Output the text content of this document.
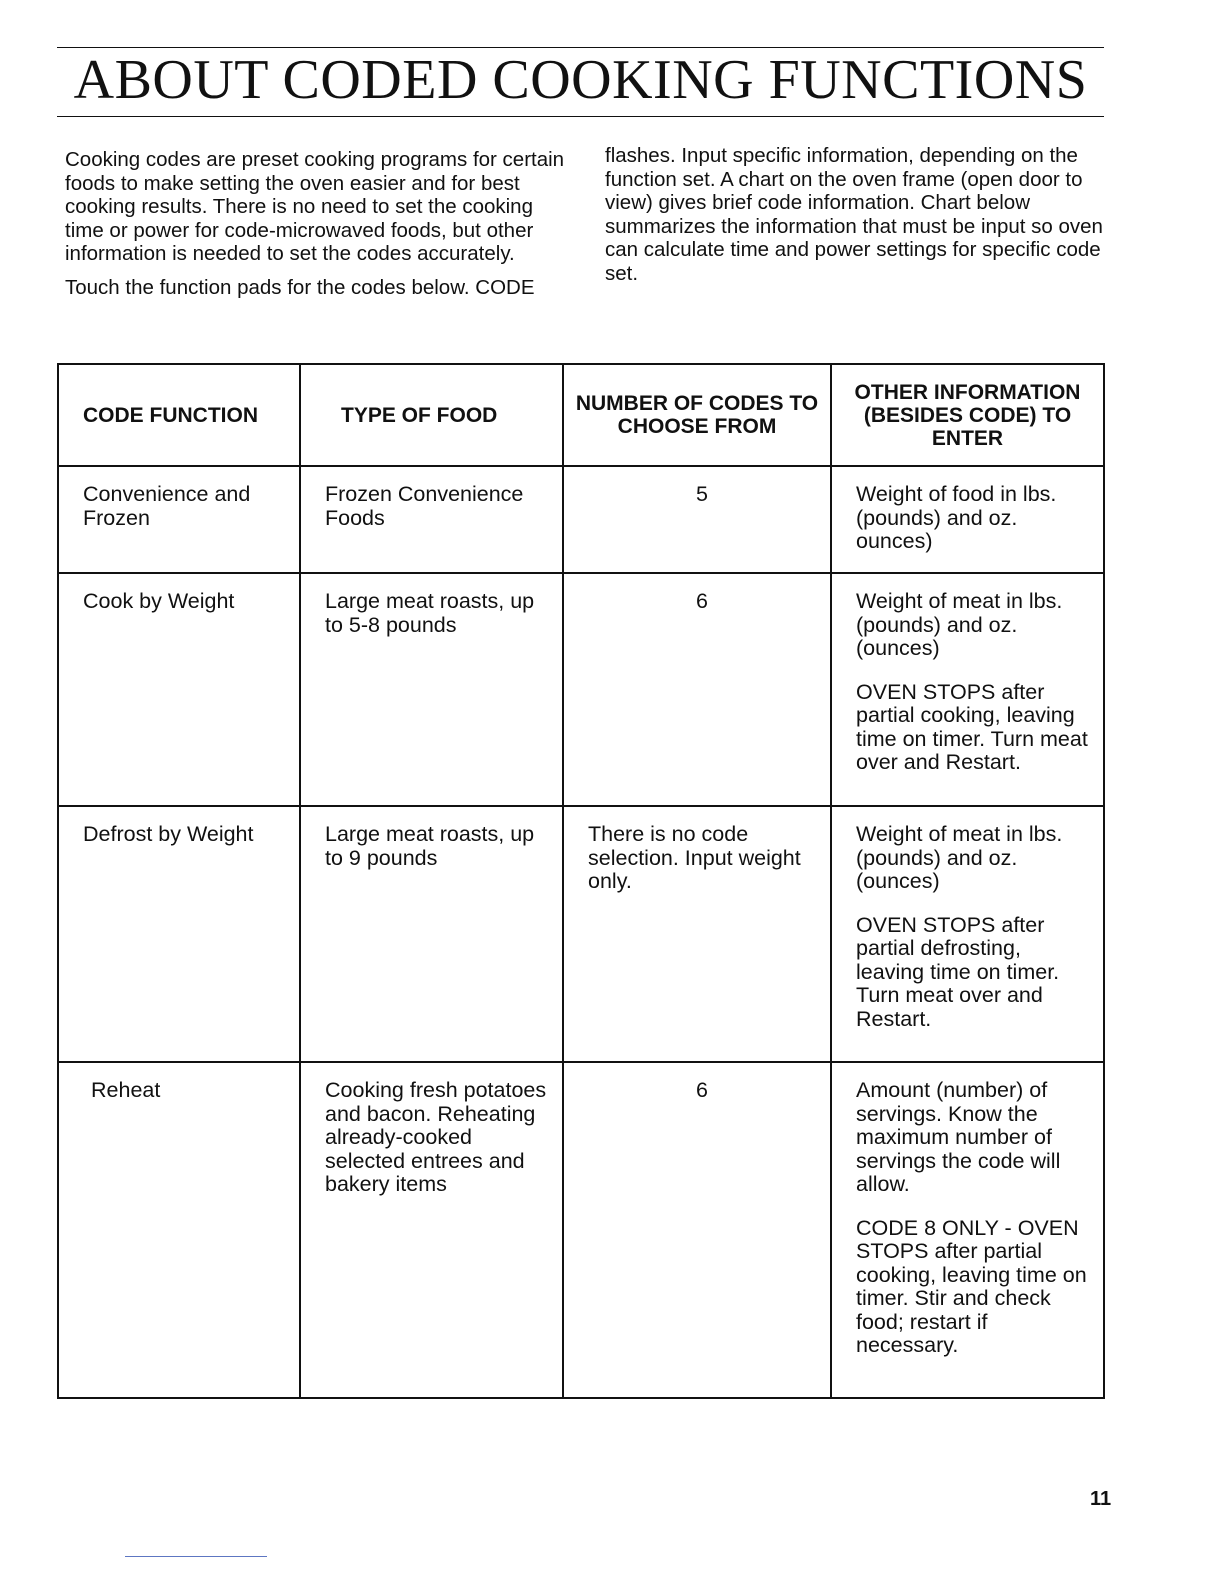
ABOUT CODED COOKING FUNCTIONS

Cooking codes are preset cooking programs for certain foods to make setting the oven easier and for best cooking results. There is no need to set the cooking time or power for code-microwaved foods, but other information is needed to set the codes accurately.

Touch the function pads for the codes below. CODE

flashes. Input specific information, depending on the function set. A chart on the oven frame (open door to view) gives brief code information. Chart below summarizes the information that must be input so oven can calculate time and power settings for specific code set.

CODE FUNCTION	TYPE OF FOOD	NUMBER OF CODES TO CHOOSE FROM	OTHER INFORMATION (BESIDES CODE) TO ENTER
Convenience and Frozen	Frozen Convenience Foods	5	Weight of food in lbs. (pounds) and oz. ounces)

Cook by Weight	Large meat roasts, up to 5-8 pounds	6	Weight of meat in lbs. (pounds) and oz. (ounces)
OVEN STOPS after partial cooking, leaving time on timer. Turn meat over and Restart.

Defrost by Weight	Large meat roasts, up to 9 pounds	There is no code selection. Input weight only.	Weight of meat in lbs. (pounds) and oz. (ounces)
OVEN STOPS after partial defrosting, leaving time on timer. Turn meat over and Restart.

Reheat	Cooking fresh potatoes and bacon. Reheating already-cooked selected entrees and bakery items	6	Amount (number) of servings. Know the maximum number of servings the code will allow.
CODE 8 ONLY - OVEN STOPS after partial cooking, leaving time on timer. Stir and check food; restart if necessary.
11
